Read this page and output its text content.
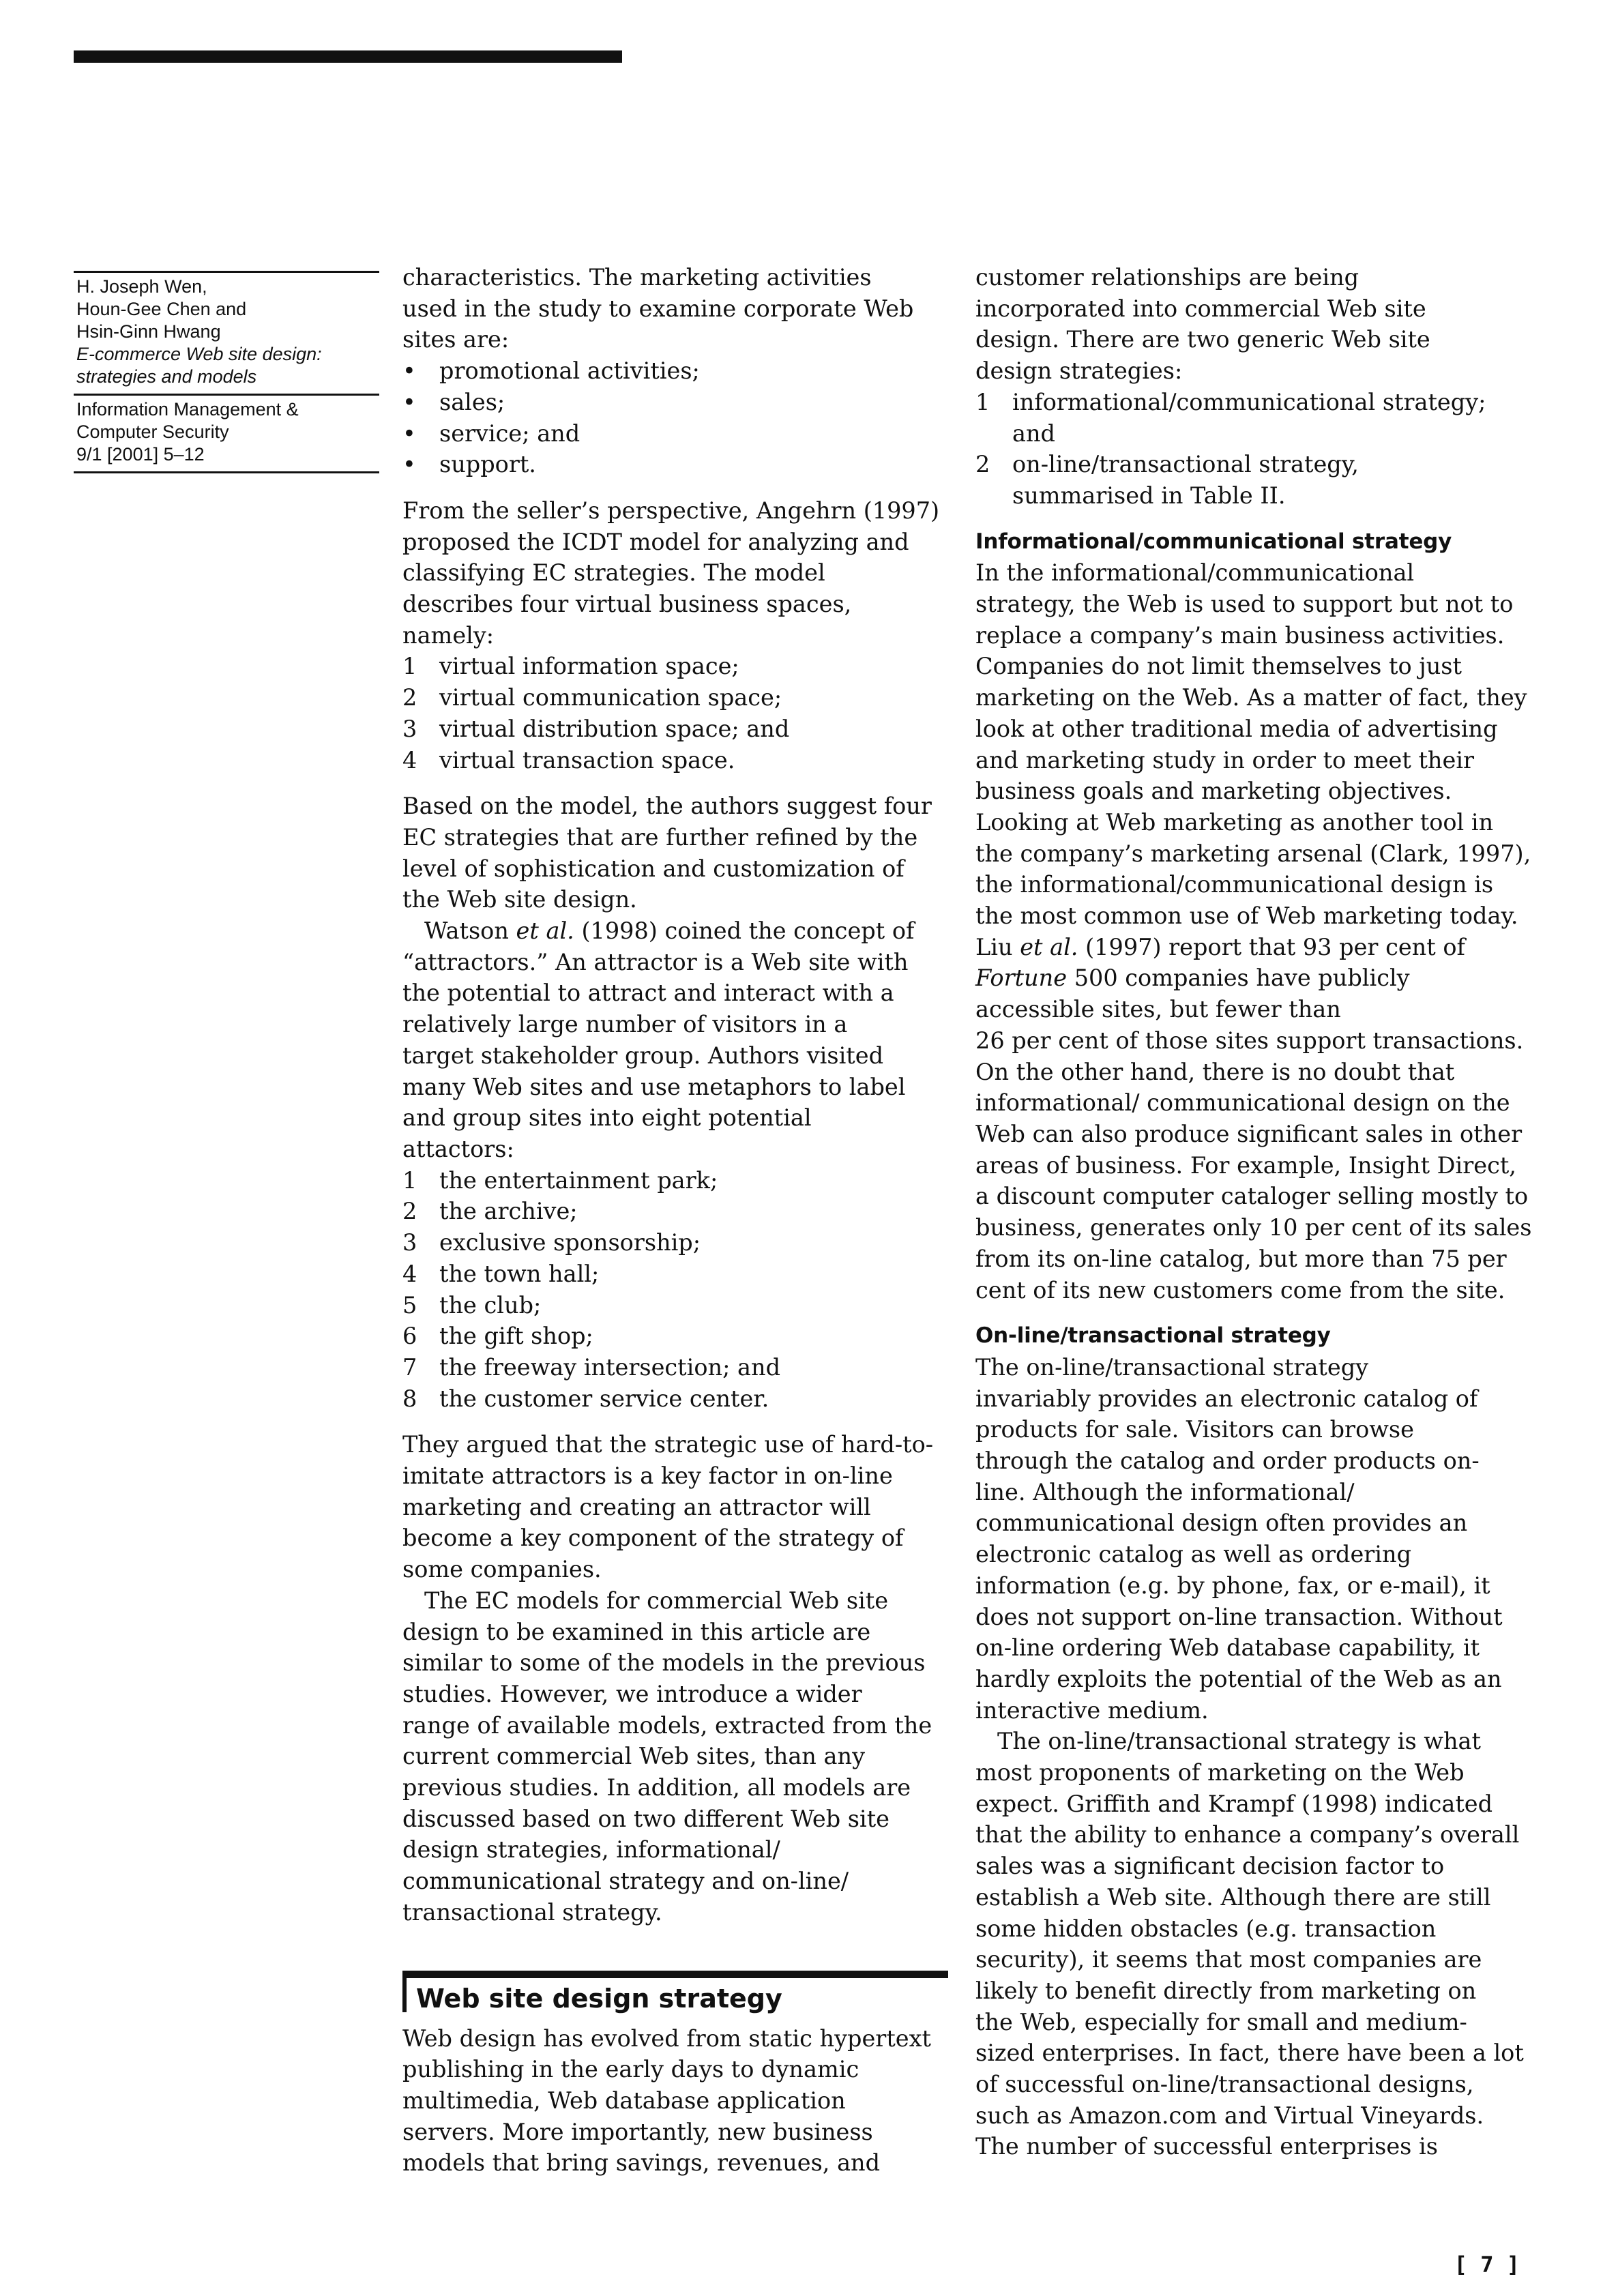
H. Joseph Wen,
Houn-Gee Chen and
Hsin-Ginn Hwang
E-commerce Web site design:
strategies and models
Information Management &
Computer Security
9/1 [2001] 5–12
characteristics. The marketing activities
used in the study to examine corporate Web
sites are:
•	promotional activities;
•	sales;
•	service; and
•	support.
From the seller’s perspective, Angehrn (1997)
proposed the ICDT model for analyzing and
classifying EC strategies. The model
describes four virtual business spaces,
namely:
1 virtual information space;
2 virtual communication space;
3 virtual distribution space; and
4 virtual transaction space.
Based on the model, the authors suggest four
EC strategies that are further refined by the
level of sophistication and customization of
the Web site design.
Watson et al. (1998) coined the concept of
“attractors.” An attractor is a Web site with
the potential to attract and interact with a
relatively large number of visitors in a
target stakeholder group. Authors visited
many Web sites and use metaphors to label
and group sites into eight potential
attactors:
1 the entertainment park;
2 the archive;
3 exclusive sponsorship;
4 the town hall;
5 the club;
6 the gift shop;
7 the freeway intersection; and
8 the customer service center.
They argued that the strategic use of hard-to-
imitate attractors is a key factor in on-line
marketing and creating an attractor will
become a key component of the strategy of
some companies.
The EC models for commercial Web site
design to be examined in this article are
similar to some of the models in the previous
studies. However, we introduce a wider
range of available models, extracted from the
current commercial Web sites, than any
previous studies. In addition, all models are
discussed based on two different Web site
design strategies, informational/
communicational strategy and on-line/
transactional strategy.
Web site design strategy
Web design has evolved from static hypertext
publishing in the early days to dynamic
multimedia, Web database application
servers. More importantly, new business
models that bring savings, revenues, and
customer relationships are being
incorporated into commercial Web site
design. There are two generic Web site
design strategies:
1 informational/communicational strategy;
and
2 on-line/transactional strategy,
summarised in Table II.
Informational/communicational strategy
In the informational/communicational
strategy, the Web is used to support but not to
replace a company’s main business activities.
Companies do not limit themselves to just
marketing on the Web. As a matter of fact, they
look at other traditional media of advertising
and marketing study in order to meet their
business goals and marketing objectives.
Looking at Web marketing as another tool in
the company’s marketing arsenal (Clark, 1997),
the informational/communicational design is
the most common use of Web marketing today.
Liu et al. (1997) report that 93 per cent of
Fortune 500 companies have publicly
accessible sites, but fewer than
26 per cent of those sites support transactions.
On the other hand, there is no doubt that
informational/ communicational design on the
Web can also produce significant sales in other
areas of business. For example, Insight Direct,
a discount computer cataloger selling mostly to
business, generates only 10 per cent of its sales
from its on-line catalog, but more than 75 per
cent of its new customers come from the site.
On-line/transactional strategy
The on-line/transactional strategy
invariably provides an electronic catalog of
products for sale. Visitors can browse
through the catalog and order products on-
line. Although the informational/
communicational design often provides an
electronic catalog as well as ordering
information (e.g. by phone, fax, or e-mail), it
does not support on-line transaction. Without
on-line ordering Web database capability, it
hardly exploits the potential of the Web as an
interactive medium.
The on-line/transactional strategy is what
most proponents of marketing on the Web
expect. Griffith and Krampf (1998) indicated
that the ability to enhance a company’s overall
sales was a significant decision factor to
establish a Web site. Although there are still
some hidden obstacles (e.g. transaction
security), it seems that most companies are
likely to benefit directly from marketing on
the Web, especially for small and medium-
sized enterprises. In fact, there have been a lot
of successful on-line/transactional designs,
such as Amazon.com and Virtual Vineyards.
The number of successful enterprises is
[ 7 ]
